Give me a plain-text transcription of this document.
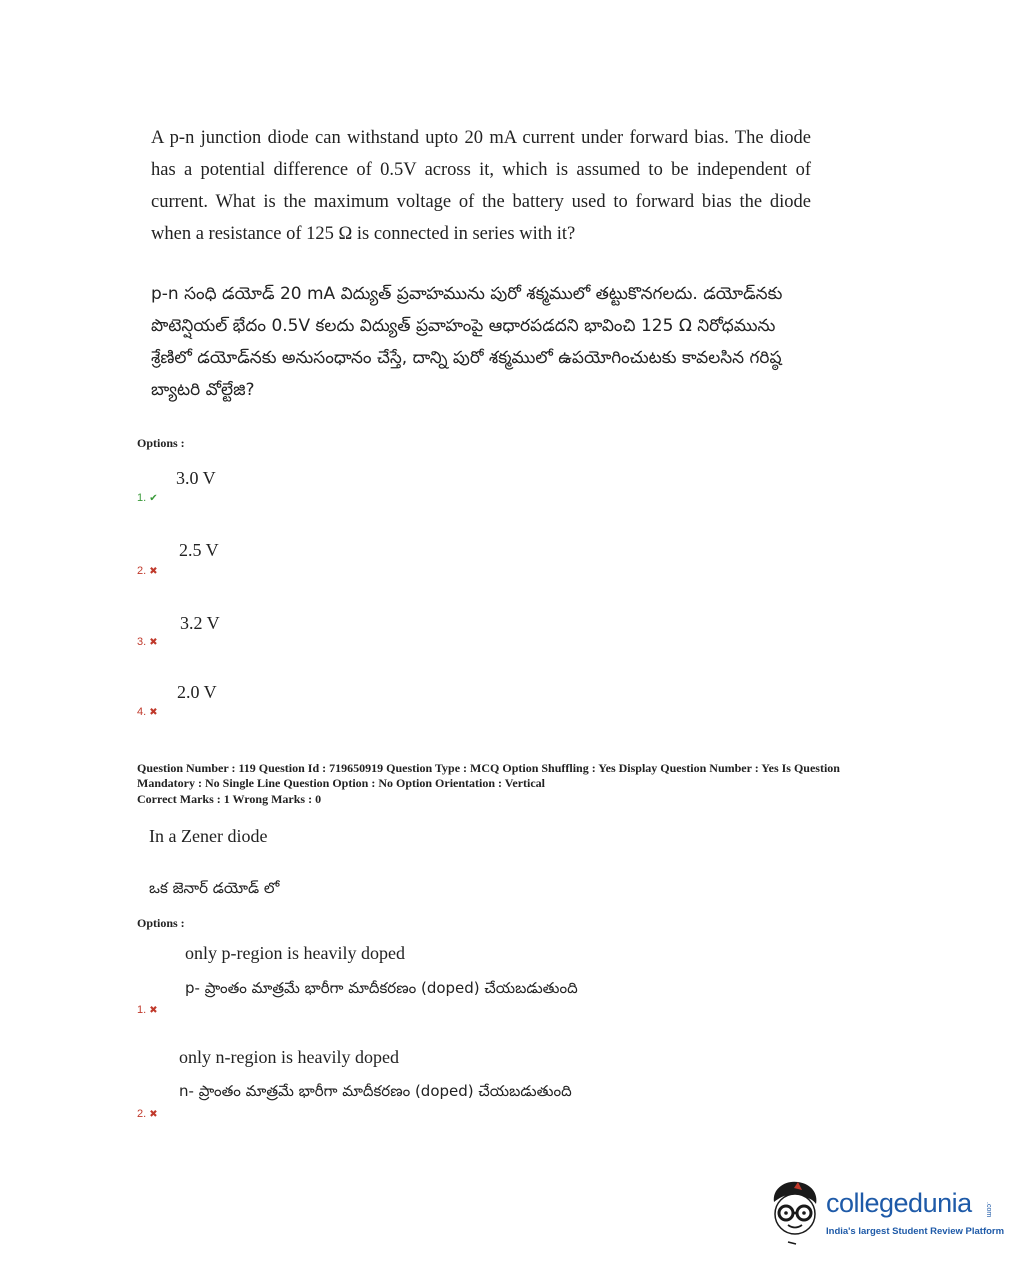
A p-n junction diode can withstand upto 20 mA current under forward bias. The diode has a potential difference of 0.5V across it, which is assumed to be independent of current. What is the maximum voltage of the battery used to forward bias the diode when a resistance of 125 Ω is connected in series with it?
p-n సంధి డయోడ్ 20 mA విద్యుత్ ప్రవాహమును పురో శక్మములో తట్టుకొనగలదు. డయోడ్‌నకు పొటెన్షియల్ భేదం 0.5V కలదు విద్యుత్ ప్రవాహంపై ఆధారపడదని భావించి 125 Ω నిరోధమును శ్రేణిలో డయోడ్‌నకు అనుసంధానం చేస్తే, దాన్ని పురో శక్మములో ఉపయోగించుటకు కావలసిన గరిష్ఠ బ్యాటరి వోల్టేజి?
Options :
3.0 V
1. ✔
2.5 V
2. ✖
3.2 V
3. ✖
2.0 V
4. ✖
Question Number : 119 Question Id : 719650919 Question Type : MCQ Option Shuffling : Yes Display Question Number : Yes Is Question Mandatory : No Single Line Question Option : No Option Orientation : Vertical
Correct Marks : 1 Wrong Marks : 0
In a Zener diode
ఒక జెనార్ డయోడ్ లో
Options :
only p-region is heavily doped
p- ప్రాంతం మాత్రమే భారీగా మాదీకరణం (doped) చేయబడుతుంది
1. ✖
only n-region is heavily doped
n- ప్రాంతం మాత్రమే భారీగా మాదీకరణం (doped) చేయబడుతుంది
2. ✖
collegedunia .com
India's largest Student Review Platform
